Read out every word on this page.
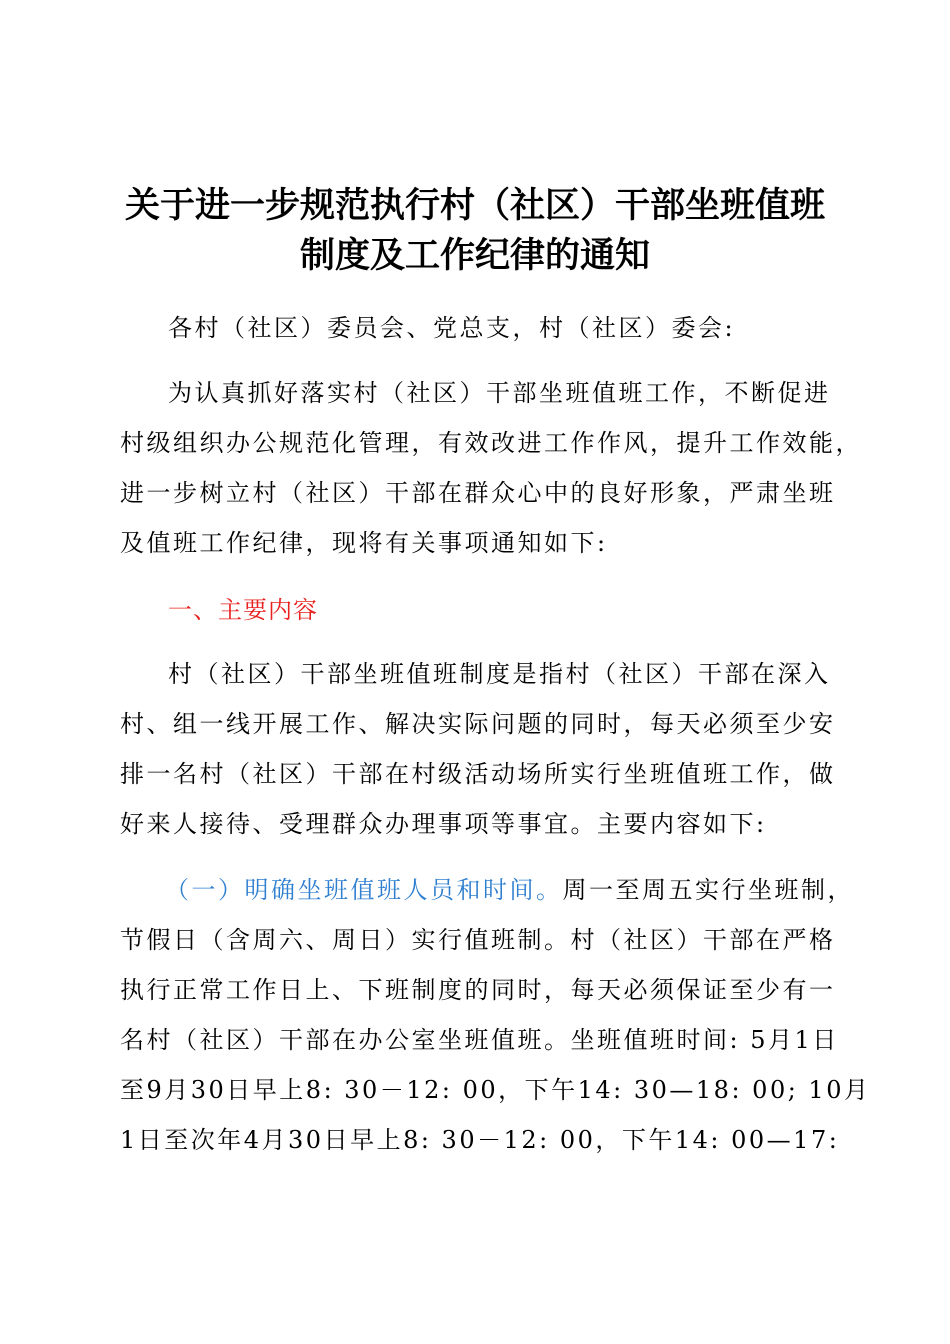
关于进一步规范执行村（社区）干部坐班值班
制度及工作纪律的通知
各村（社区）委员会、党总支，村（社区）委会:
为认真抓好落实村（社区）干部坐班值班工作，不断促进
村级组织办公规范化管理，有效改进工作作风，提升工作效能，
进一步树立村（社区）干部在群众心中的良好形象，严肃坐班
及值班工作纪律，现将有关事项通知如下:
一、主要内容
村（社区）干部坐班值班制度是指村（社区）干部在深入
村、组一线开展工作、解决实际问题的同时，每天必须至少安
排一名村（社区）干部在村级活动场所实行坐班值班工作，做
好来人接待、受理群众办理事项等事宜。主要内容如下:
（一）明确坐班值班人员和时间。周一至周五实行坐班制，
节假日（含周六、周日）实行值班制。村（社区）干部在严格
执行正常工作日上、下班制度的同时，每天必须保证至少有一
名村（社区）干部在办公室坐班值班。坐班值班时间: 5月1日
至9月30日早上8: 30－12: 00，下午14: 30—18: 00; 10月
1日至次年4月30日早上8: 30－12: 00，下午14: 00—17:
